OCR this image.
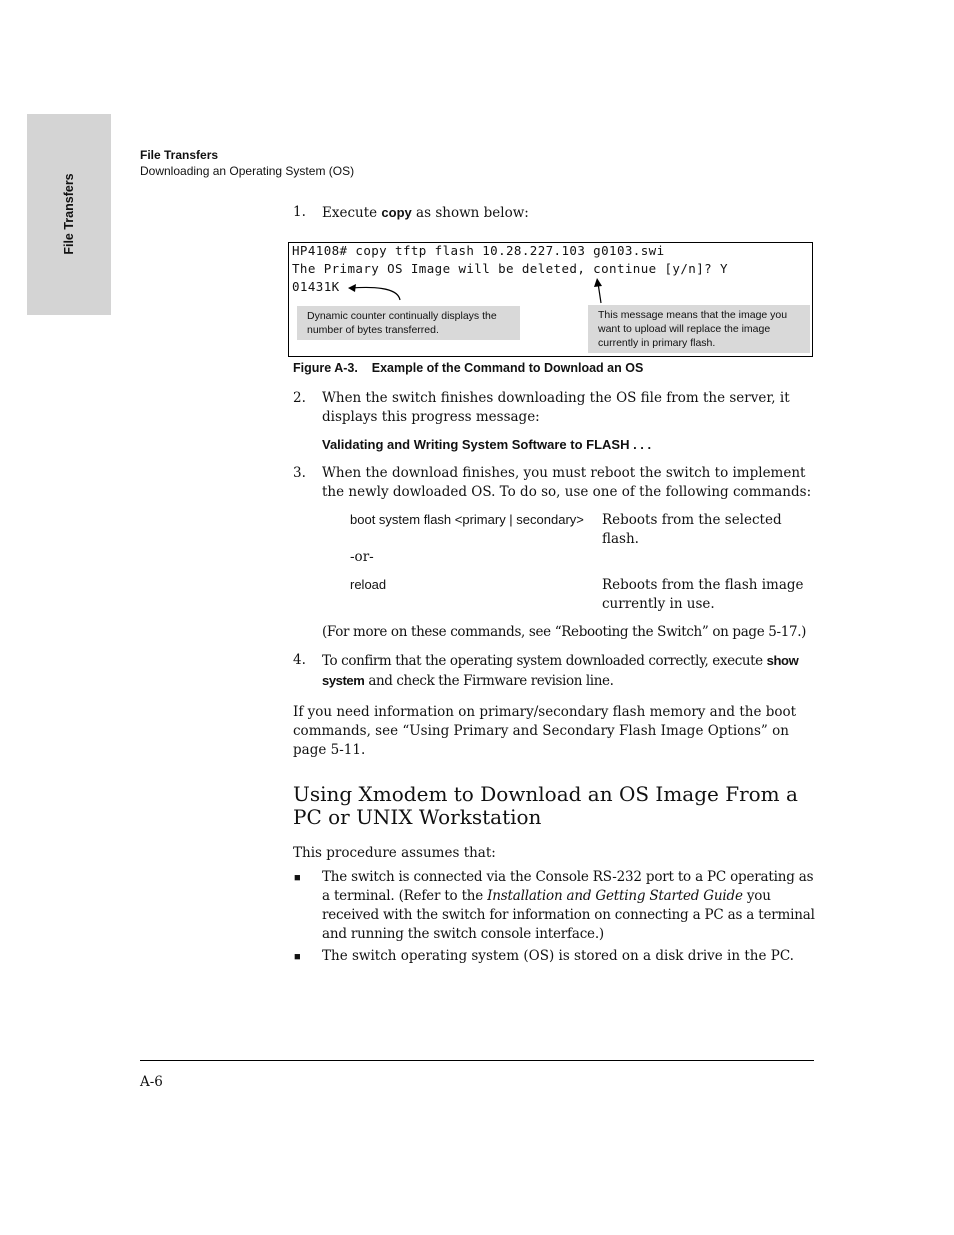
File Transfers
File Transfers
Downloading an Operating System (OS)
1. Execute copy as shown below:
HP4108# copy tftp flash 10.28.227.103 g0103.swi
The Primary OS Image will be deleted, continue [y/n]? Y
01431K
Dynamic counter continually displays the number of bytes transferred.
This message means that the image you want to upload will replace the image currently in primary flash.
Figure A-3. Example of the Command to Download an OS
2. When the switch finishes downloading the OS file from the server, it displays this progress message:
Validating and Writing System Software to FLASH . . .
3. When the download finishes, you must reboot the switch to implement the newly dowloaded OS. To do so, use one of the following commands:
boot system flash <primary | secondary> Reboots from the selected flash.
-or-
reload	Reboots from the flash image currently in use.
(For more on these commands, see “Rebooting the Switch” on page 5-17.)
4. To confirm that the operating system downloaded correctly, execute show system and check the Firmware revision line.
If you need information on primary/secondary flash memory and the boot commands, see “Using Primary and Secondary Flash Image Options” on page 5-11.
Using Xmodem to Download an OS Image From a PC or UNIX Workstation
This procedure assumes that:
■ The switch is connected via the Console RS-232 port to a PC operating as a terminal. (Refer to the Installation and Getting Started Guide you received with the switch for information on connecting a PC as a terminal and running the switch console interface.)
■ The switch operating system (OS) is stored on a disk drive in the PC.
A-6
